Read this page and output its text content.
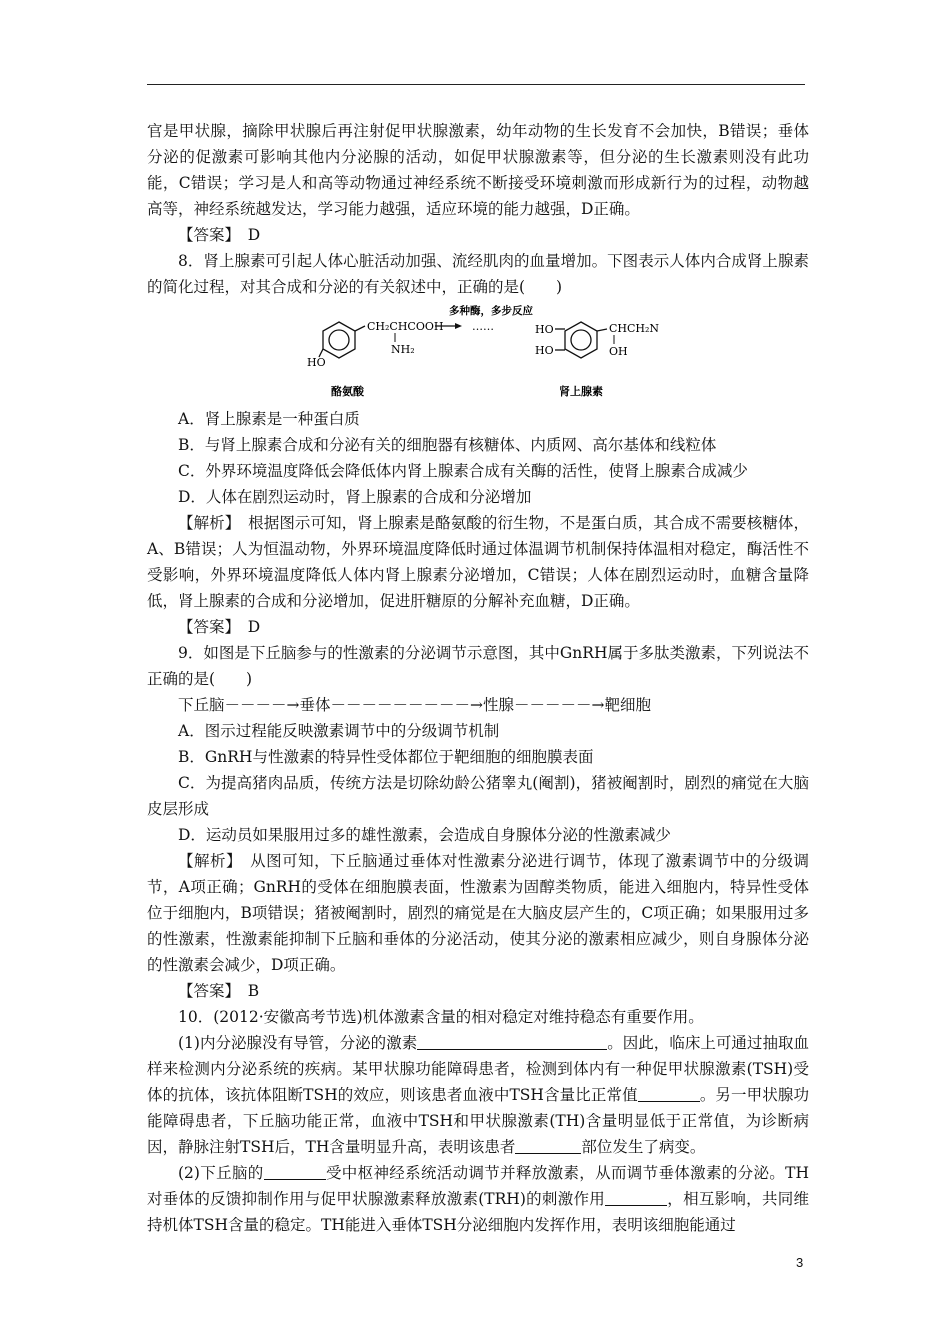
官是甲状腺，摘除甲状腺后再注射促甲状腺激素，幼年动物的生长发育不会加快，B错误；垂体分泌的促激素可影响其他内分泌腺的活动，如促甲状腺激素等，但分泌的生长激素则没有此功能，C错误；学习是人和高等动物通过神经系统不断接受环境刺激而形成新行为的过程，动物越高等，神经系统越发达，学习能力越强，适应环境的能力越强，D正确。

【答案】　 D

8．肾上腺素可引起人体心脏活动加强、流经肌肉的血量增加。下图表示人体内合成肾上腺素的简化过程，对其合成和分泌的有关叙述中，正确的是(　　)

CH₂CHCOOH
NH₂
HO
酪氨酸
多种酶，多步反应
……	HO
HO
CHCH₂N
OH
肾上腺素

A．肾上腺素是一种蛋白质

B．与肾上腺素合成和分泌有关的细胞器有核糖体、内质网、高尔基体和线粒体

C．外界环境温度降低会降低体内肾上腺素合成有关酶的活性，使肾上腺素合成减少

D．人体在剧烈运动时，肾上腺素的合成和分泌增加

【解析】　 根据图示可知，肾上腺素是酪氨酸的衍生物，不是蛋白质，其合成不需要核糖体，A、B错误；人为恒温动物，外界环境温度降低时通过体温调节机制保持体温相对稳定，酶活性不受影响，外界环境温度降低人体内肾上腺素分泌增加，C错误；人体在剧烈运动时，血糖含量降低，肾上腺素的合成和分泌增加，促进肝糖原的分解补充血糖，D正确。

【答案】　 D

9．如图是下丘脑参与的性激素的分泌调节示意图，其中GnRH属于多肽类激素，下列说法不正确的是(　　)

下丘脑－－－－→垂体－－－－－－－－－→性腺－－－－－→靶细胞

A．图示过程能反映激素调节中的分级调节机制

B．GnRH与性激素的特异性受体都位于靶细胞的细胞膜表面

C．为提高猪肉品质，传统方法是切除幼龄公猪睾丸(阉割)，猪被阉割时，剧烈的痛觉在大脑皮层形成

D．运动员如果服用过多的雄性激素，会造成自身腺体分泌的性激素减少

【解析】　 从图可知，下丘脑通过垂体对性激素分泌进行调节，体现了激素调节中的分级调节，A项正确；GnRH的受体在细胞膜表面，性激素为固醇类物质，能进入细胞内，特异性受体位于细胞内，B项错误；猪被阉割时，剧烈的痛觉是在大脑皮层产生的，C项正确；如果服用过多的性激素，性激素能抑制下丘脑和垂体的分泌活动，使其分泌的激素相应减少，则自身腺体分泌的性激素会减少，D项正确。

【答案】　 B

10．(2012·安徽高考节选)机体激素含量的相对稳定对维持稳态有重要作用。

(1)内分泌腺没有导管，分泌的激素	。因此，临床上可通过抽取血样来检测内分泌系统的疾病。某甲状腺功能障碍患者，检测到体内有一种促甲状腺激素(TSH)受体的抗体，该抗体阻断TSH的效应，则该患者血液中TSH含量比正常值	。另一甲状腺功能障碍患者，下丘脑功能正常，血液中TSH和甲状腺激素(TH)含量明显低于正常值，为诊断病因，静脉注射TSH后，TH含量明显升高，表明该患者	部位发生了病变。

(2)下丘脑的	受中枢神经系统活动调节并释放激素，从而调节垂体激素的分泌。TH对垂体的反馈抑制作用与促甲状腺激素释放激素(TRH)的刺激作用	，相互影响，共同维持机体TSH含量的稳定。TH能进入垂体TSH分泌细胞内发挥作用，表明该细胞能通过

3
